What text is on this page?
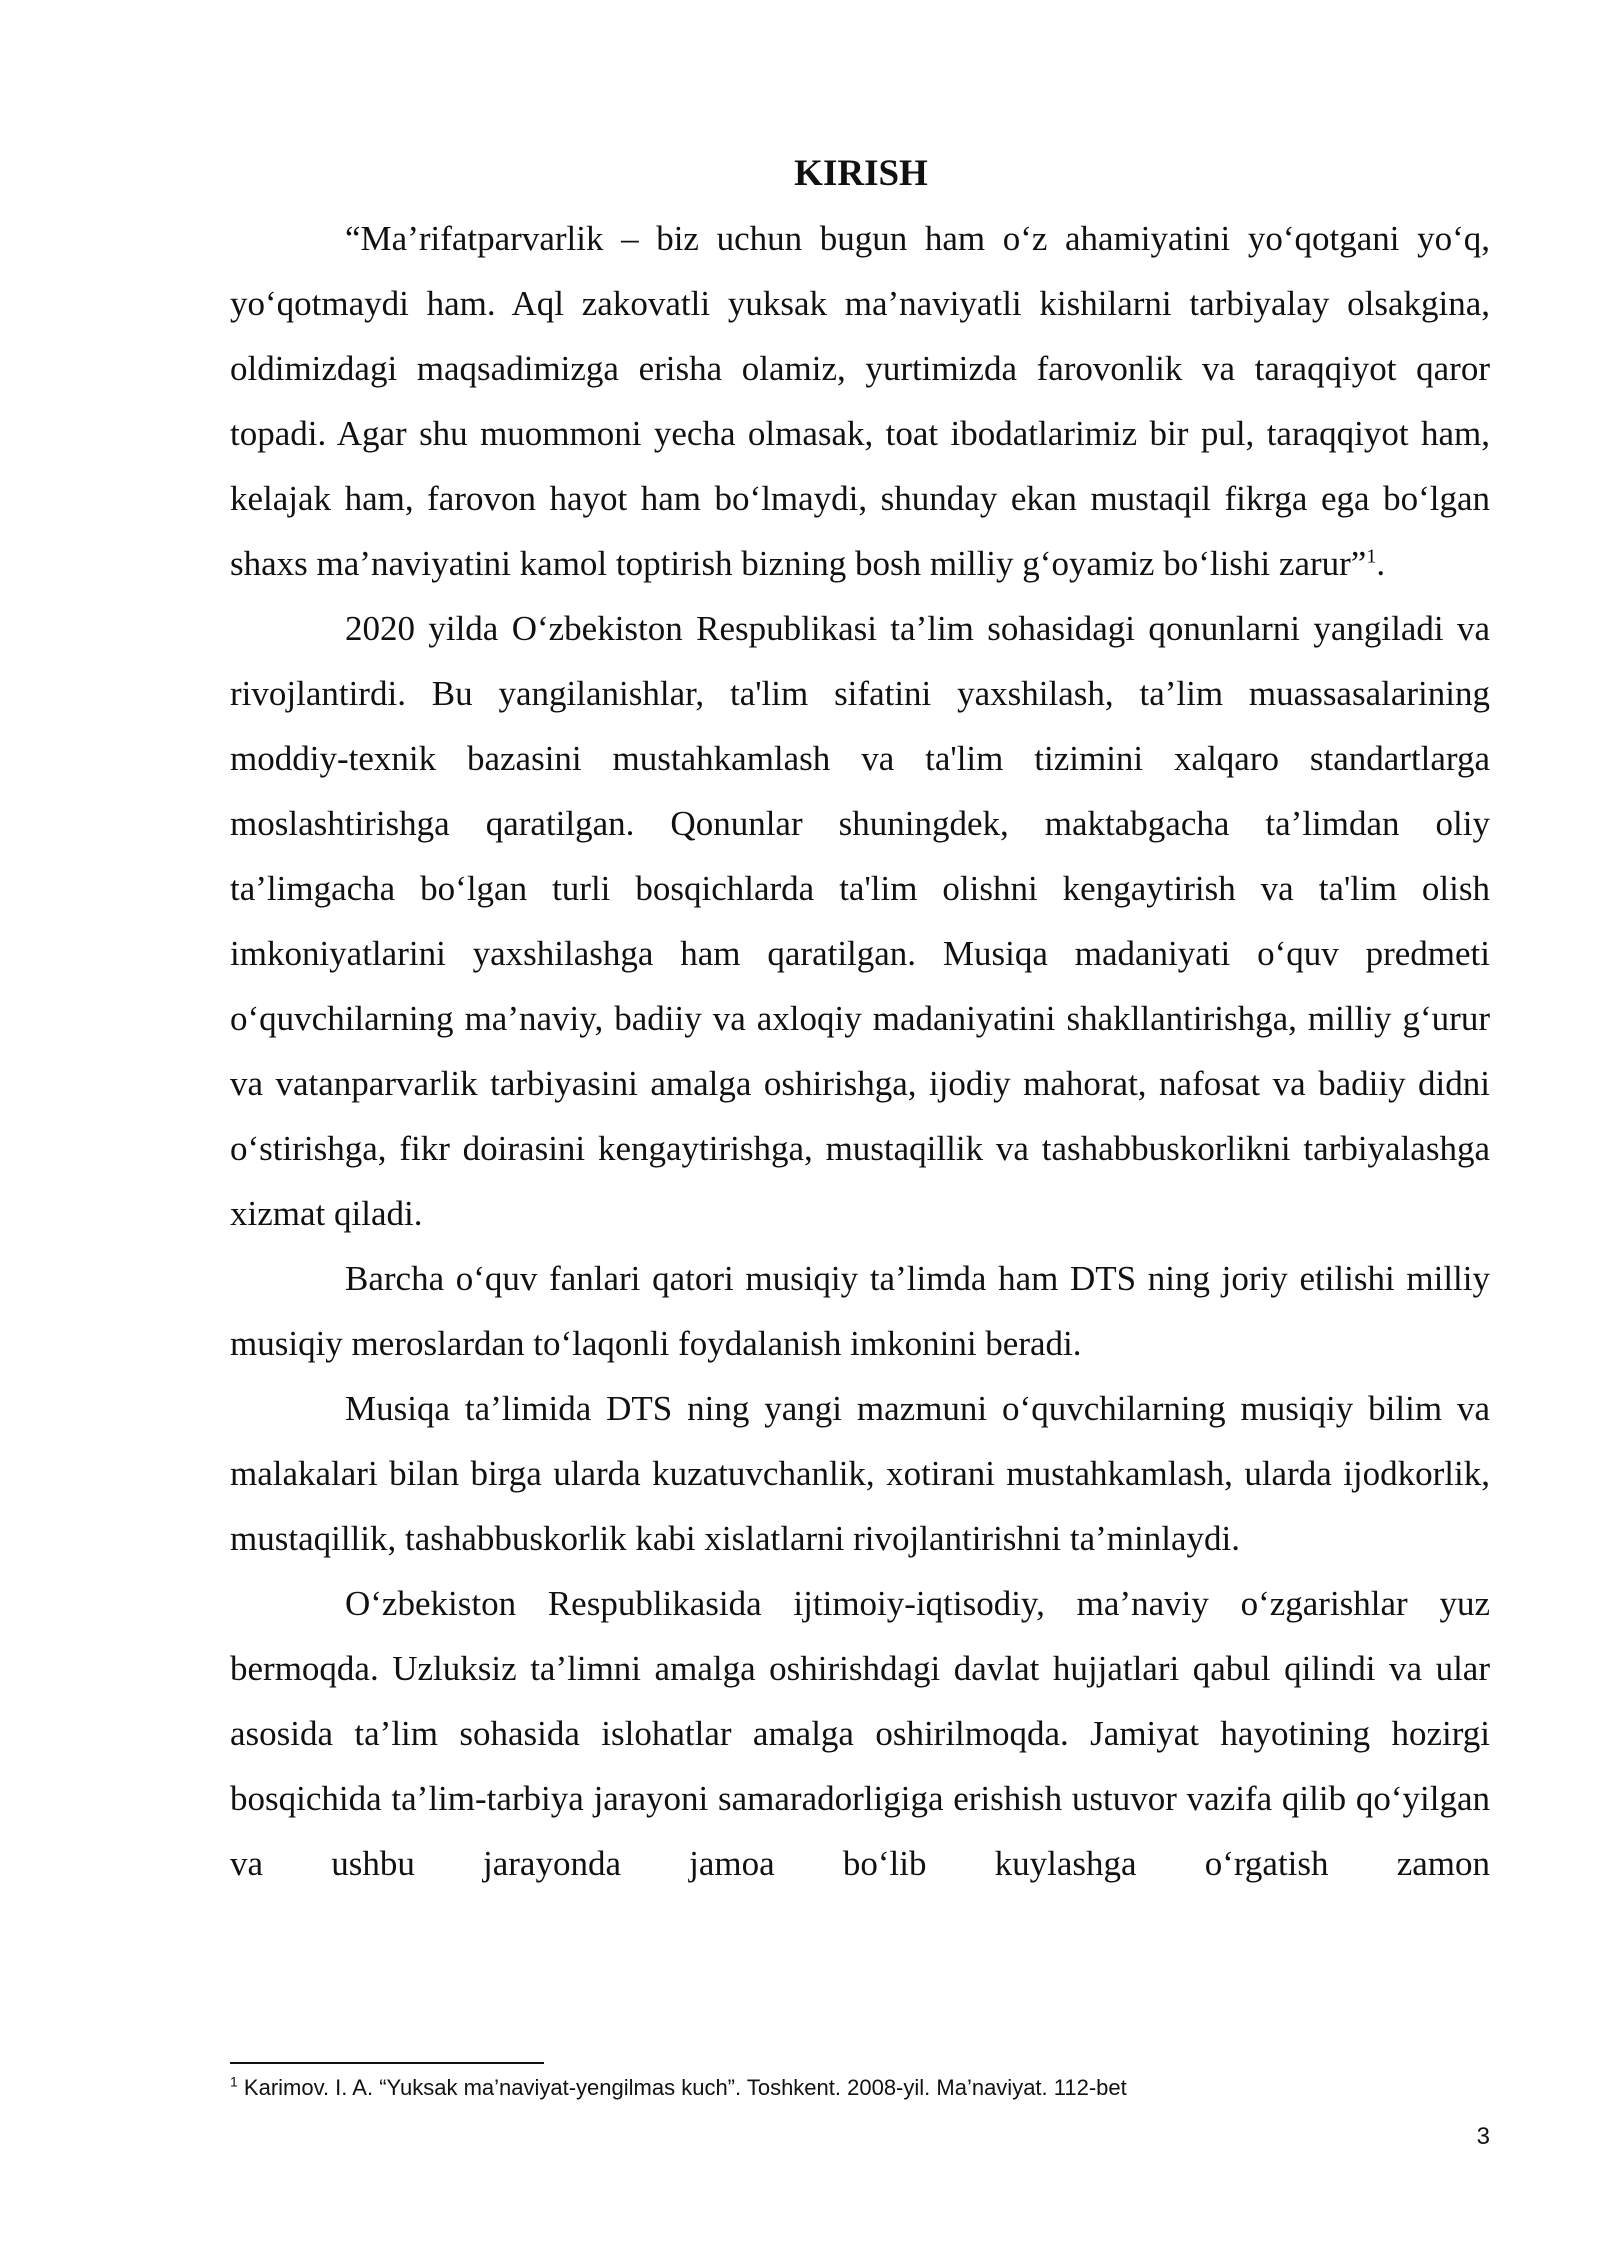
KIRISH

“Ma’rifatparvarlik – biz uchun bugun ham o‘z ahamiyatini yo‘qotgani yo‘q, yo‘qotmaydi ham. Aql zakovatli yuksak ma’naviyatli kishilarni tarbiyalay olsakgina, oldimizdagi maqsadimizga erisha olamiz, yurtimizda farovonlik va taraqqiyot qaror topadi. Agar shu muommoni yecha olmasak, toat ibodatlarimiz bir pul, taraqqiyot ham, kelajak ham, farovon hayot ham bo‘lmaydi, shunday ekan mustaqil fikrga ega bo‘lgan shaxs ma’naviyatini kamol toptirish bizning bosh milliy g‘oyamiz bo‘lishi zarur”$^1$.

2020 yilda O‘zbekiston Respublikasi ta’lim sohasidagi qonunlarni yangiladi va rivojlantirdi. Bu yangilanishlar, ta'lim sifatini yaxshilash, ta’lim muassasalarining moddiy-texnik bazasini mustahkamlash va ta'lim tizimini xalqaro standartlarga moslashtirishga qaratilgan. Qonunlar shuningdek, maktabgacha ta’limdan oliy ta’limgacha bo‘lgan turli bosqichlarda ta'lim olishni kengaytirish va ta'lim olish imkoniyatlarini yaxshilashga ham qaratilgan. Musiqa madaniyati o‘quv predmeti o‘quvchilarning ma’naviy, badiiy va axloqiy madaniyatini shakllantirishga, milliy g‘urur va vatanparvarlik tarbiyasini amalga oshirishga, ijodiy mahorat, nafosat va badiiy didni o‘stirishga, fikr doirasini kengaytirishga, mustaqillik va tashabbuskorlikni tarbiyalashga xizmat qiladi.

Barcha o‘quv fanlari qatori musiqiy ta’limda ham DTS ning joriy etilishi milliy musiqiy meroslardan to‘laqonli foydalanish imkonini beradi.

Musiqa ta’limida DTS ning yangi mazmuni o‘quvchilarning musiqiy bilim va malakalari bilan birga ularda kuzatuvchanlik, xotirani mustahkamlash, ularda ijodkorlik, mustaqillik, tashabbuskorlik kabi xislatlarni rivojlantirishni ta’minlaydi.

O‘zbekiston Respublikasida ijtimoiy-iqtisodiy, ma’naviy o‘zgarishlar yuz bermoqda. Uzluksiz ta’limni amalga oshirishdagi davlat hujjatlari qabul qilindi va ular asosida ta’lim sohasida islohatlar amalga oshirilmoqda. Jamiyat hayotining hozirgi bosqichida ta’lim-tarbiya jarayoni samaradorligiga erishish ustuvor vazifa qilib qo‘yilgan va ushbu jarayonda jamoa bo‘lib kuylashga o‘rgatish zamon

$^1$ Karimov. I. A. “Yuksak ma’naviyat-yengilmas kuch”. Toshkent. 2008-yil. Ma’naviyat. 112-bet
3
